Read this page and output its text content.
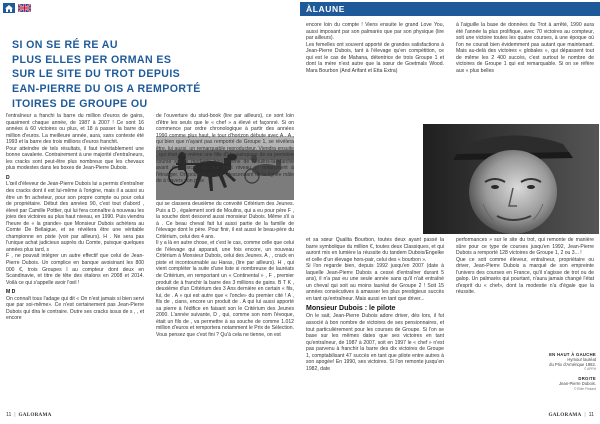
SI ON SE RÉ RE AU
PLUS ELLES PER ORMAN ES
SUR LE SITE DU TROT DEPUIS
EAN-PIERRE DU OIS A REMPORTÉ
ITOIRES DE GROUPE OU

l'entraîneur a franchi la barre du million d'euros de gains, quasiment chaque année, de 1987 à 2007 ! Ce sont 16 années à 60 victoires ou plus, et 18 à passer la barre du million d'euros. La meilleure année, aura, sans conteste été 1993 et la barre des trois millions d'euros franchit.

Pour atteindre de tels résultats, il faut inévitablement une bonne cavalerie. Contrairement à une majorité d'entraîneurs, les cracks sont peut-être plus nombreux que les chevaux plus modestes dans les boxes de Jean-Pierre Dubois.

D

L'œil d'éleveur de Jean-Pierre Dubois lui a permis d'entraîner des cracks dont il est lui-même à l'origine, mais il a aussi su être un fin acheteur, pour son propre compte ou pour celui de propriétaire. Début des années 90, c'est tout d'abord , élevé par Camille Pottier, qui lui fera connaître à nouveau les joies des victoires au plus haut niveau, en 1990. Puis viendra l'heure de « la grande» que Monsieur Dubois achètera au Comte De Bellaigue, et se révélera être une véritable championne en piste (voir par ailleurs). H . Ne sera pas l'unique achat judicieux auprès du Comte, puisque quelques années plus tard, s

F , ne pouvait intégrer un autre effectif que celui de Jean-Pierre Dubois. Un complice en banque avoisinant les 800 000 €, trois Groupes I au compteur dont deux en Scandinavie, et titre de tête des étalons en 2008 et 2014. Voilà ce qui s'appelle avoir l'œil !

M D

On connaît tous l'adage qui dit « On n'est jamais si bien servi que par soi-même». Ce n'est certainement pas Jean-Pierre Dubois qui dira le contraire. Outre ses cracks issus de s , , et encore

de l'ouverture du stud-book (lire par ailleurs), ce sont loin d'être les seuls que le « chef » a élevé et façonné. Si on commence par ordre chronologique à partir des années 1990 comme plus haut, le tour d'horizon débute avec A . A , qui bien que n'ayant pas remporté de Groupe 1, se révélera être, lui aussi, un remarquable reproducteur. Viendra ensuite , qui était elle-même une fille d'H , vainqueur de sa première course sur le modeste hippodrome de Moulins-la-Marche avant de vaincre au plus haut niveau et notamment à l'étranger. On poursuit avec s , descendant de la lignée mâle de à travers son père

qui se classera deuxième du convoité Critérium des Jeunes. Puis a D , également sorti de Moulins, qui a eu pour père F , la souche dont descend aussi monsieur Dubois. Même s'il a à . Ce beau cheval fait lui aussi partie de la famille de l'élevage dont le père. Pour finir, il est aussi le beau-père du Critérium, celui des 4 ans.

Il y a là en autre chose, et c'est le cas, comme celle que celui de l'élevage qui apparait, une fois encore, un nouveau Critérium à Monsieur Dubois, celui des Jeunes. A , , crack en piste et incontournable au Haras, (lire par ailleurs). H , qui vient compléter la suite d'une liste si nombreuse de lauréats de Critérium, en remportant un « Continental » , F , premier produit de à franchir la barre des 3 millions de gains. B T K , deuxième d'un Critérium des 3 Ans dernière en certain « fils, lui, de . A » qui est autre que « l'oncle» du premier cité ! A , fils de , cians, encore un produit de . A qui lui aussi apporté sa pierre à l'édifice en faisant son le Critérium des Jeunes 2000. L'année suivante, D , qui, comme son nom l'évoque, était un fils de , va permettre à sa souche de comme 1.012 million d'euros et remportera notamment le Prix de Sélection. Vous pensez que c'est fini ? Qu'à cela ne tienne, on est

11  |  GALORAMA
ÀLAUNE

encore loin du compte ! Viens ensuite le grand Love You, aussi imposant par son palmarès que par son physique (lire par ailleurs).

Les femelles ont souvent apporté de grandes satisfactions à Jean-Pierre Dubois, tant à l'élevage qu'en compétition, ce qui est le cas de Mahana, détentrice de trois Groupe 1 et dont la mère n'est autre que la sœur de Goetmals Wood. Mara Bourbon (And Arifant et Etta Extra)

à l'aiguille la base de données du Trot à arrêté, 1990 aura été l'année la plus prolifique, avec 70 victoires au compteur, soit une victoire toutes les quatre courses, à une époque où l'on ne courait bien évidemment pas autant que maintenant. Mais au-delà des victoires « globales », qui dépassent tout de même les 2 400 succès, c'est surtout le nombre de victoires de Groupe 1 qui est remarquable. Si on se réfère aux « plus belles

et sa sœur Qualita Bourbon, toutes deux ayant passé la barre symbolique du million €, toutes deux Classiques, et qui auront mis en lumière la réussite du tandem Dubois/Engelke et celle d'un élevage hors-pair, celui des « bourbon ».

Si l'on regarde bien, depuis 1992 jusqu'en 2007 (date à laquelle Jean-Pierre Dubois a cessé d'entraîner durant 5 ans), il n'a pas eu une seule année sans qu'il n'ait entraîné un cheval qui soit au moins lauréat de Groupe 2 ! Soit 15 années consécutives à amasser les plus prestigieux succès en tant qu'entraîneur. Mais aussi en tant que driver...

Monsieur Dubois : le pilote

On le sait, Jean-Pierre Dubois adore driver, dès lors, il fut associé à bon nombre de victoires de ses pensionnaires, et tout particulièrement pour les courses de Groupe. Si l'on se base sur les mêmes dates que ses victoires en tant qu'entraîneur, de 1987 à 2007, soit en 1997 le « chef » n'est pas parvenu à franchir la barre des dix victoires de Groupe 1, comptabilisant 47 succès en tant que pilote entre autres à son apogée! En 1990, ses victoires. Si l'on remonte jusqu'en 1982, date

performances » sur le site du trot, qui remonte de manière sûre pour ce type de courses jusqu'en 1992, Jean-Pierre Dubois a remporté 128 victoires de Groupe 1, 2 ou 3... !

Que ce soit comme éleveur, entraîneur, propriétaire ou driver, Jean-Pierre Dubois a marqué de son empreinte l'univers des courses en France, qu'il s'agisse de trot ou de galop. Un palmarès qui pourtant, n'aura jamais changé l'état d'esprit du « chef», dont la modestie n'a d'égale que la réussite.

EN HAUT À GAUCHE
Hymour lauréat
du Prix d'Amérique 1982.
© APRH
DROITE
Jean-Pierre Dubois.
© Ellen Pinkard
GALORAMA  |  11
